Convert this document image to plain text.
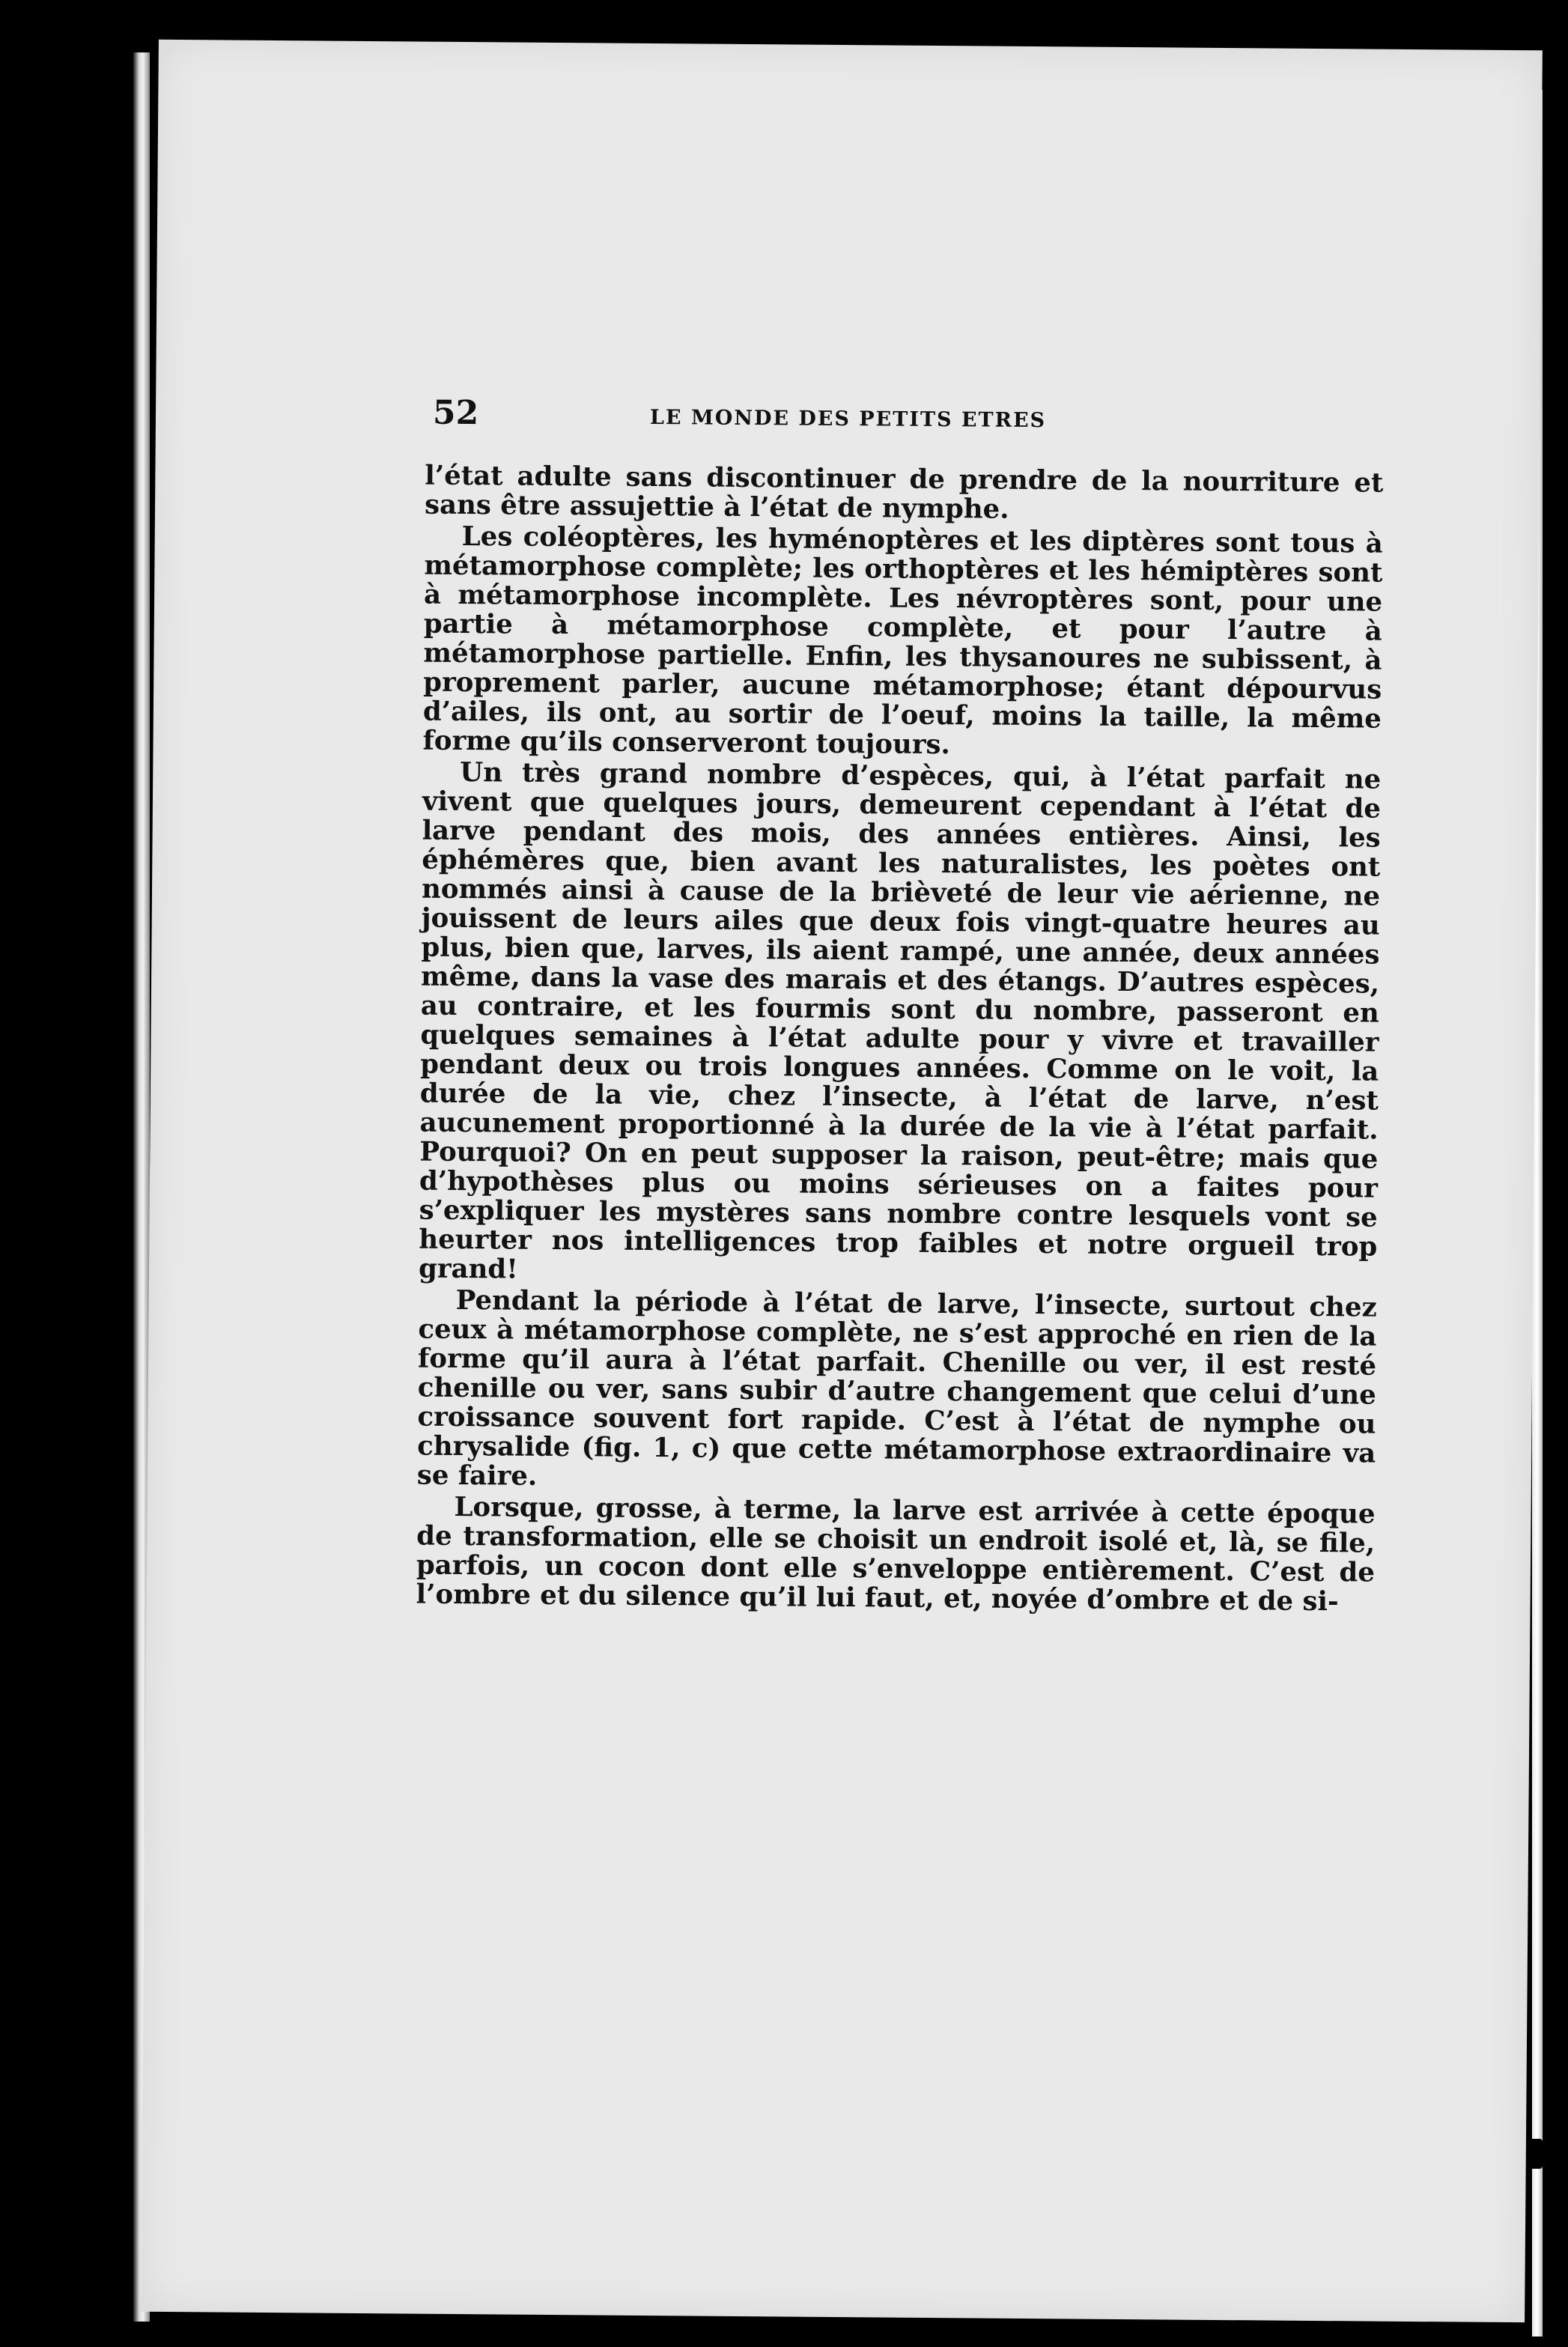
52	LE MONDE DES PETITS ETRES

l’état adulte sans discontinuer de prendre de la nourriture et sans être assujettie à l’état de nymphe.

Les coléoptères, les hyménoptères et les diptères sont tous à métamorphose complète; les orthoptères et les hémiptères sont à métamorphose incomplète. Les névroptères sont, pour une partie à métamorphose complète, et pour l’autre à métamorphose partielle. Enfin, les thysanoures ne subissent, à proprement parler, aucune métamorphose; étant dépourvus d’ailes, ils ont, au sortir de l’oeuf, moins la taille, la même forme qu’ils conserveront toujours.

Un très grand nombre d’espèces, qui, à l’état parfait ne vivent que quelques jours, demeurent cependant à l’état de larve pendant des mois, des années entières. Ainsi, les éphémères que, bien avant les naturalistes, les poètes ont nommés ainsi à cause de la brièveté de leur vie aérienne, ne jouissent de leurs ailes que deux fois vingt-quatre heures au plus, bien que, larves, ils aient rampé, une année, deux années même, dans la vase des marais et des étangs. D’autres espèces, au contraire, et les fourmis sont du nombre, passeront en quelques semaines à l’état adulte pour y vivre et travailler pendant deux ou trois longues années. Comme on le voit, la durée de la vie, chez l’insecte, à l’état de larve, n’est aucunement proportionné à la durée de la vie à l’état parfait. Pourquoi? On en peut supposer la raison, peut-être; mais que d’hypothèses plus ou moins sérieuses on a faites pour s’expliquer les mystères sans nombre contre lesquels vont se heurter nos intelligences trop faibles et notre orgueil trop grand!

Pendant la période à l’état de larve, l’insecte, surtout chez ceux à métamorphose complète, ne s’est approché en rien de la forme qu’il aura à l’état parfait. Chenille ou ver, il est resté chenille ou ver, sans subir d’autre changement que celui d’une croissance souvent fort rapide. C’est à l’état de nymphe ou chrysalide (fig. 1, c) que cette métamorphose extraordinaire va se faire.

Lorsque, grosse, à terme, la larve est arrivée à cette époque de transformation, elle se choisit un endroit isolé et, là, se file, parfois, un cocon dont elle s’enveloppe entièrement. C’est de l’ombre et du silence qu’il lui faut, et, noyée d’ombre et de si-
